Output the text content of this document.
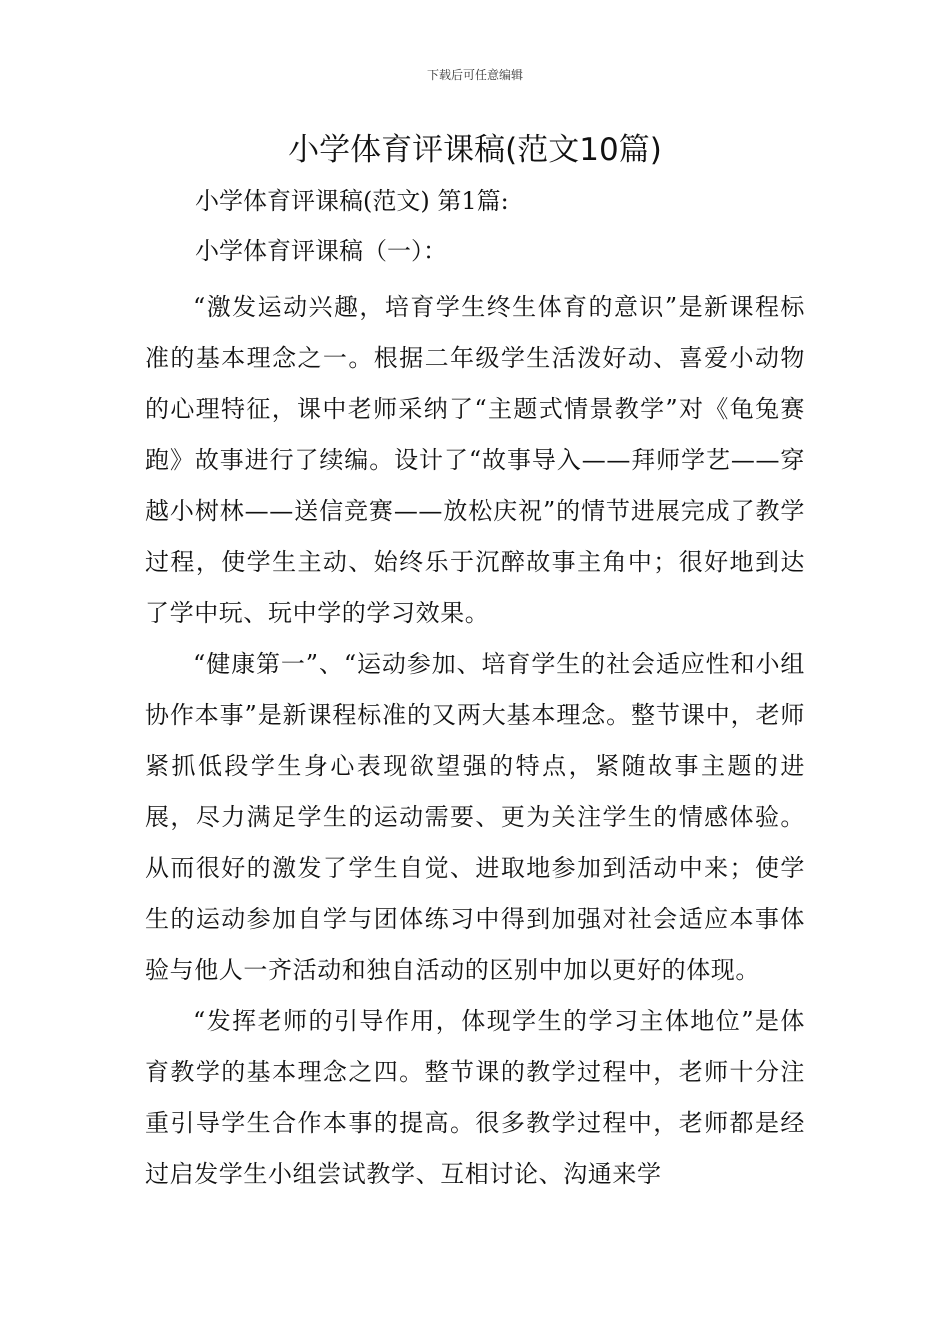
下载后可任意编辑
小学体育评课稿(范文10篇)
小学体育评课稿(范文) 第1篇:
小学体育评课稿（一）：

“激发运动兴趣，培育学生终生体育的意识”是新课程标准的基本理念之一。根据二年级学生活泼好动、喜爱小动物的心理特征，课中老师采纳了“主题式情景教学”对《龟兔赛跑》故事进行了续编。设计了“故事导入——拜师学艺——穿越小树林——送信竞赛——放松庆祝”的情节进展完成了教学过程，使学生主动、始终乐于沉醉故事主角中；很好地到达了学中玩、玩中学的学习效果。

“健康第一”、“运动参加、培育学生的社会适应性和小组协作本事”是新课程标准的又两大基本理念。整节课中，老师紧抓低段学生身心表现欲望强的特点，紧随故事主题的进展，尽力满足学生的运动需要、更为关注学生的情感体验。从而很好的激发了学生自觉、进取地参加到活动中来；使学生的运动参加自学与团体练习中得到加强对社会适应本事体验与他人一齐活动和独自活动的区别中加以更好的体现。

“发挥老师的引导作用，体现学生的学习主体地位”是体育教学的基本理念之四。整节课的教学过程中，老师十分注重引导学生合作本事的提高。很多教学过程中，老师都是经过启发学生小组尝试教学、互相讨论、沟通来学
